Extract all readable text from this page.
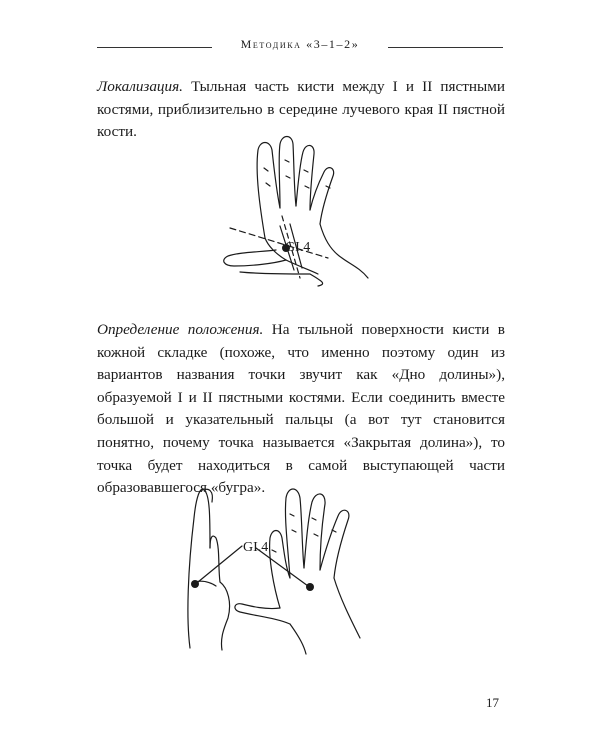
Методика «3–1–2»

Локализация. Тыльная часть кисти между I и II пястными костями, приблизительно в середине лучевого края II пястной кости.

GI.4

Определение положения. На тыльной поверхности кисти в кожной складке (похоже, что именно поэтому один из вариантов названия точки звучит как «Дно долины»), образуемой I и II пястными костями. Если соединить вместе большой и указательный пальцы (а вот тут становится понятно, почему точка называется «Закрытая долина»), то точка будет находиться в самой выступающей части образовавшегося «бугра».

GI.4
17
